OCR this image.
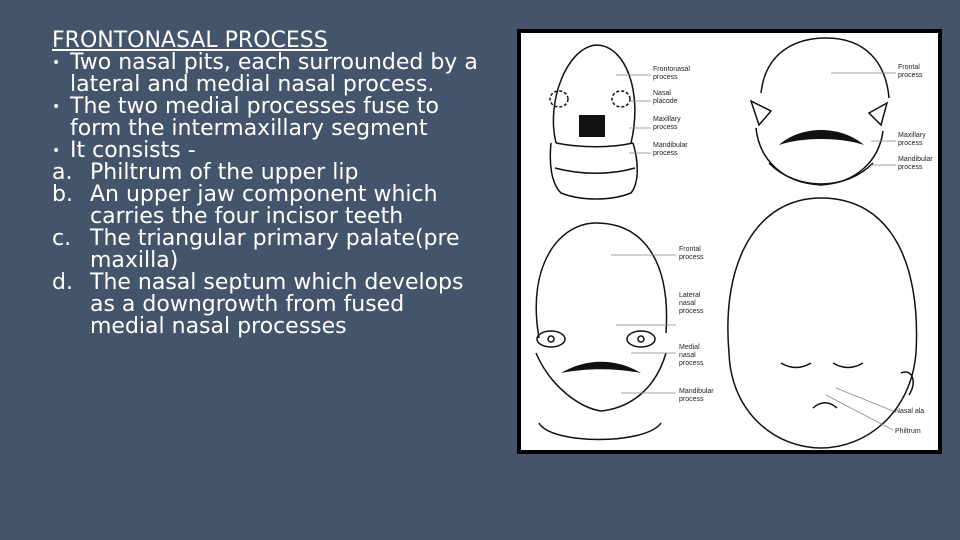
FRONTONASAL PROCESS
• Two nasal pits, each surrounded by a lateral and medial nasal process.
• The two medial processes fuse to form the intermaxillary segment
• It consists -
a. Philtrum of the upper lip
b. An upper jaw component which carries the four incisor teeth
c. The triangular primary palate(pre maxilla)
d. The nasal septum which develops as a downgrowth from fused medial nasal processes
Frontonasal process
Nasal placode
Maxillary process
Mandibular process
Frontal process
Maxillary process
Mandibular process
Frontal process
Lateral nasal process
Medial nasal process
Mandibular process
Nasal ala
Philtrum
